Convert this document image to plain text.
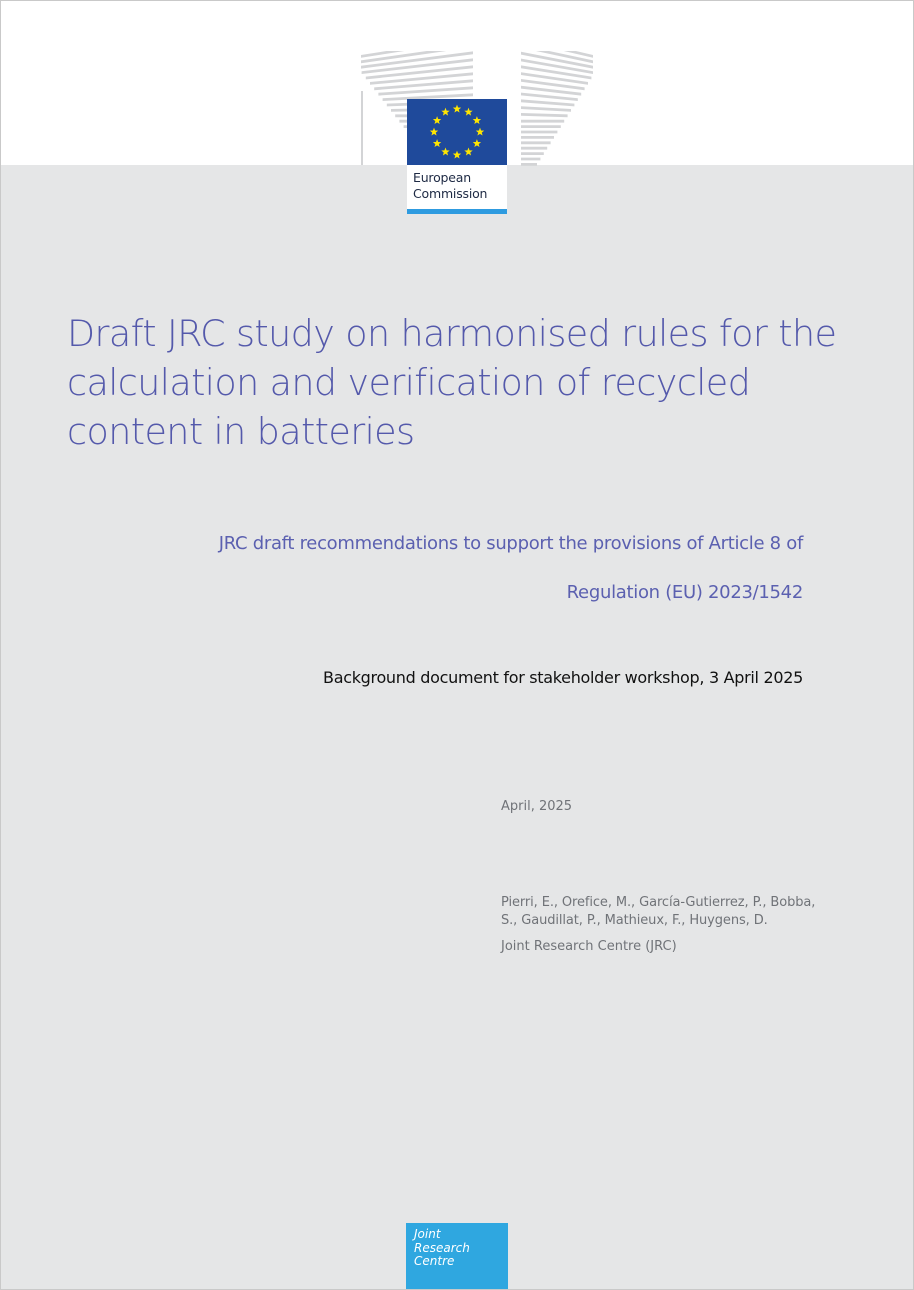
European
Commission
Draft JRC study on harmonised rules for the calculation and verification of recycled content in batteries
JRC draft recommendations to support the provisions of Article 8 of
Regulation (EU) 2023/1542
Background document for stakeholder workshop, 3 April 2025
April, 2025
Pierri, E., Orefice, M., García-Gutierrez, P., Bobba,
S., Gaudillat, P., Mathieux, F., Huygens, D.
Joint Research Centre (JRC)
Joint
Research
Centre
